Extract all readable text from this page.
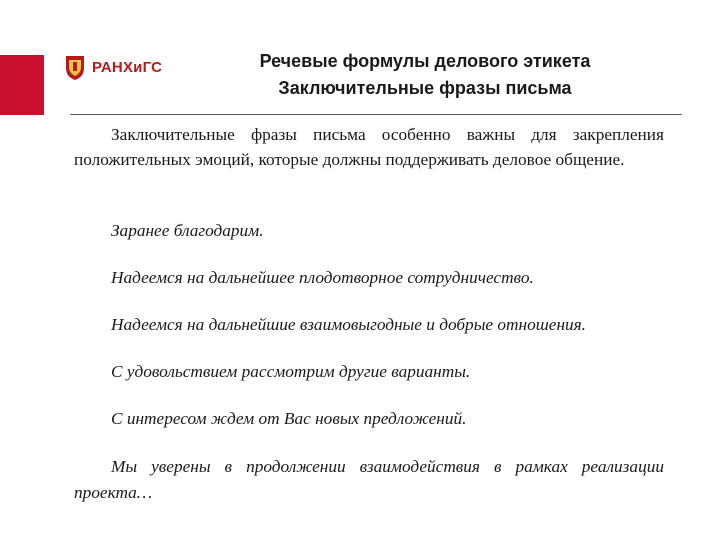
РАНХиГС	Речевые формулы делового этикета
Заключительные фразы письма

Заключительные фразы письма особенно важны для закрепления положительных эмоций, которые должны поддерживать деловое общение.

Заранее благодарим.

Надеемся на дальнейшее плодотворное сотрудничество.

Надеемся на дальнейшие взаимовыгодные и добрые отношения.

С удовольствием рассмотрим другие варианты.

С интересом ждем от Вас новых предложений.

Мы уверены в продолжении взаимодействия в рамках реализации проекта…
